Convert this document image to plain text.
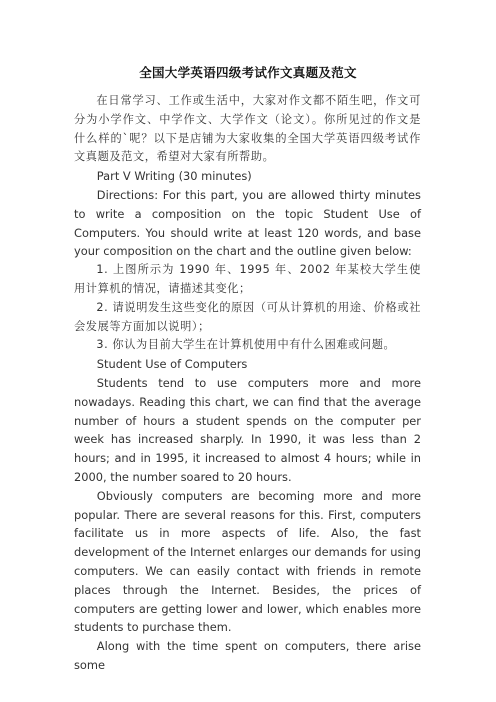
全国大学英语四级考试作文真题及范文

在日常学习、工作或生活中，大家对作文都不陌生吧，作文可分为小学作文、中学作文、大学作文（论文）。你所见过的作文是什么样的`呢？以下是店铺为大家收集的全国大学英语四级考试作文真题及范文，希望对大家有所帮助。

Part V Writing (30 minutes)

Directions: For this part, you are allowed thirty minutes to write a composition on the topic Student Use of Computers. You should write at least 120 words, and base your composition on the chart and the outline given below:

1. 上图所示为 1990 年、1995 年、2002 年某校大学生使用计算机的情况，请描述其变化；

2. 请说明发生这些变化的原因（可从计算机的用途、价格或社会发展等方面加以说明）；

3. 你认为目前大学生在计算机使用中有什么困难或问题。

Student Use of Computers

Students tend to use computers more and more nowadays. Reading this chart, we can find that the average number of hours a student spends on the computer per week has increased sharply. In 1990, it was less than 2 hours; and in 1995, it increased to almost 4 hours; while in 2000, the number soared to 20 hours.

Obviously computers are becoming more and more popular. There are several reasons for this. First, computers facilitate us in more aspects of life. Also, the fast development of the Internet enlarges our demands for using computers. We can easily contact with friends in remote places through the Internet. Besides, the prices of computers are getting lower and lower, which enables more students to purchase them.

Along with the time spent on computers, there arise some
